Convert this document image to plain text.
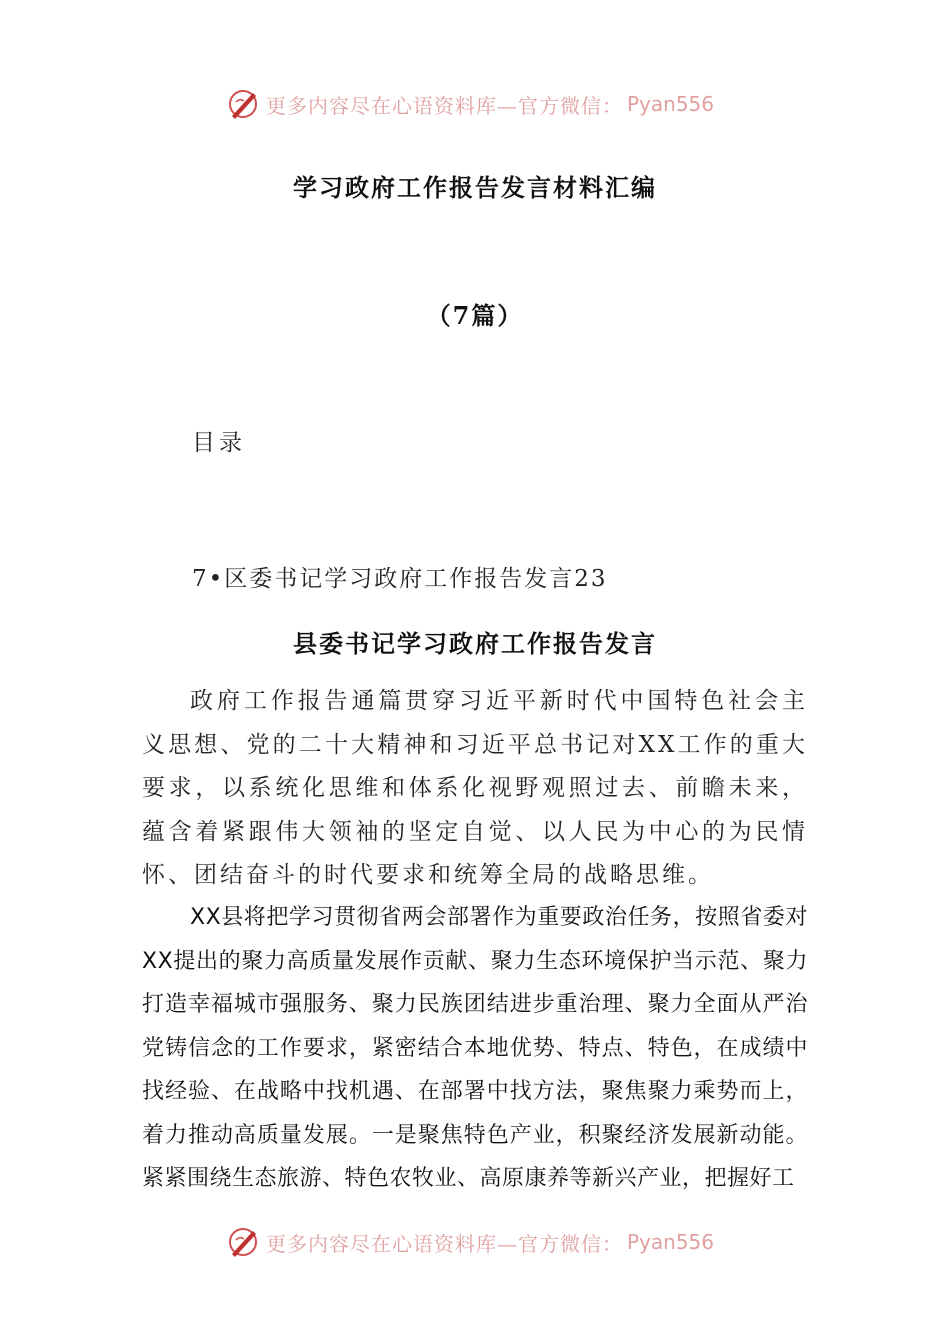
更多内容尽在心语资料库—官方微信： Pyan556
学习政府工作报告发言材料汇编
（7篇）
目录
7•区委书记学习政府工作报告发言23
县委书记学习政府工作报告发言

政府工作报告通篇贯穿习近平新时代中国特色社会主义思想、党的二十大精神和习近平总书记对XX工作的重大要求，以系统化思维和体系化视野观照过去、前瞻未来，蕴含着紧跟伟大领袖的坚定自觉、以人民为中心的为民情怀、团结奋斗的时代要求和统筹全局的战略思维。

XX县将把学习贯彻省两会部署作为重要政治任务，按照省委对XX提出的聚力高质量发展作贡献、聚力生态环境保护当示范、聚力打造幸福城市强服务、聚力民族团结进步重治理、聚力全面从严治党铸信念的工作要求，紧密结合本地优势、特点、特色，在成绩中找经验、在战略中找机遇、在部署中找方法，聚焦聚力乘势而上，着力推动高质量发展。一是聚焦特色产业，积聚经济发展新动能。紧紧围绕生态旅游、特色农牧业、高原康养等新兴产业，把握好工

更多内容尽在心语资料库—官方微信： Pyan556
